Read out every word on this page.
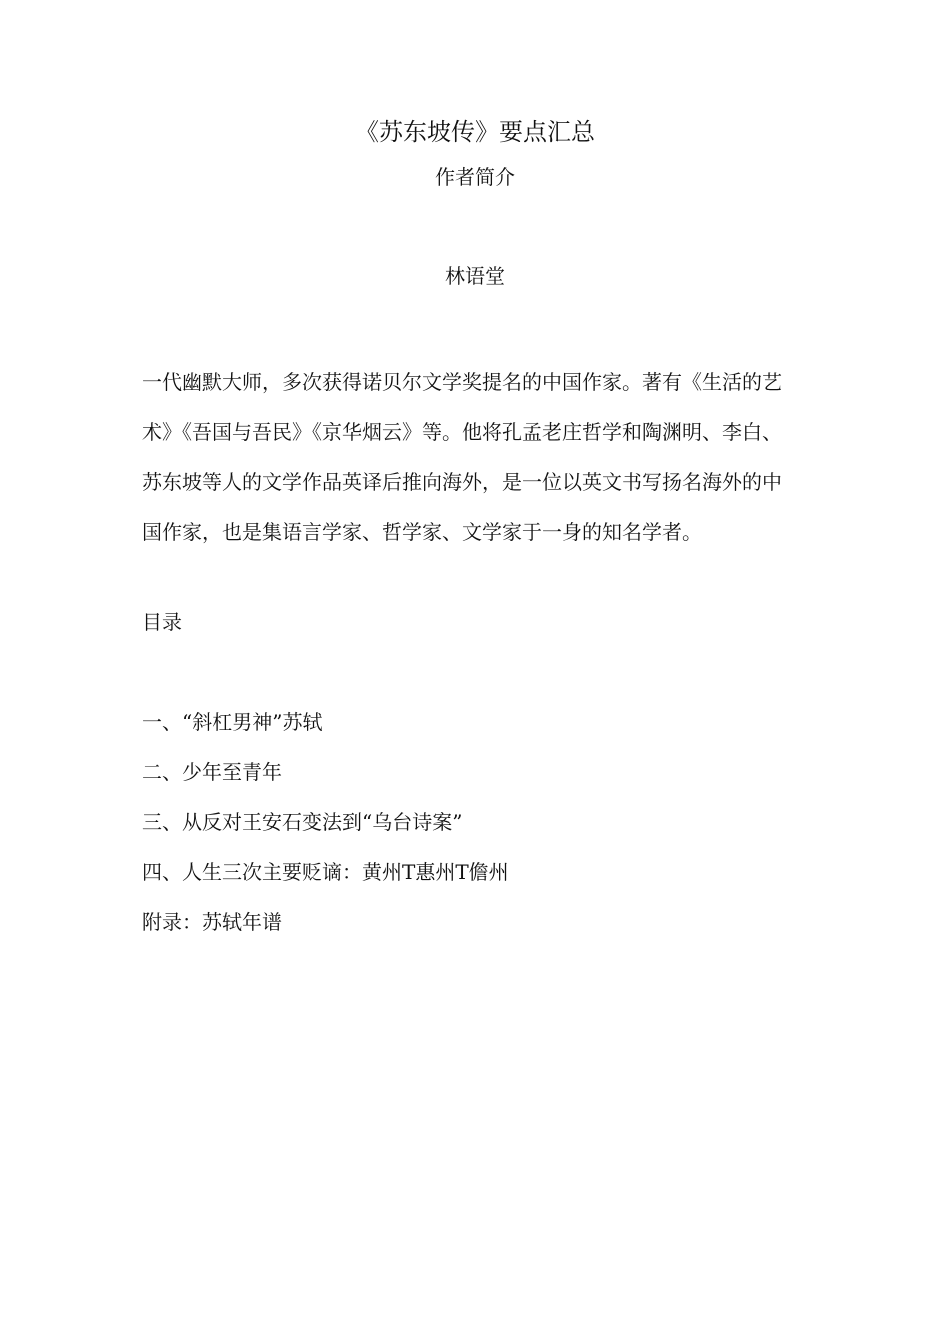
《苏东坡传》要点汇总
作者简介
林语堂
一代幽默大师，多次获得诺贝尔文学奖提名的中国作家。著有《生活的艺术》《吾国与吾民》《京华烟云》等。他将孔孟老庄哲学和陶渊明、李白、苏东坡等人的文学作品英译后推向海外，是一位以英文书写扬名海外的中国作家，也是集语言学家、哲学家、文学家于一身的知名学者。
目录
一、“斜杠男神”苏轼
二、少年至青年
三、从反对王安石变法到“乌台诗案”
四、人生三次主要贬谪：黄州T惠州T儋州
附录：苏轼年谱
